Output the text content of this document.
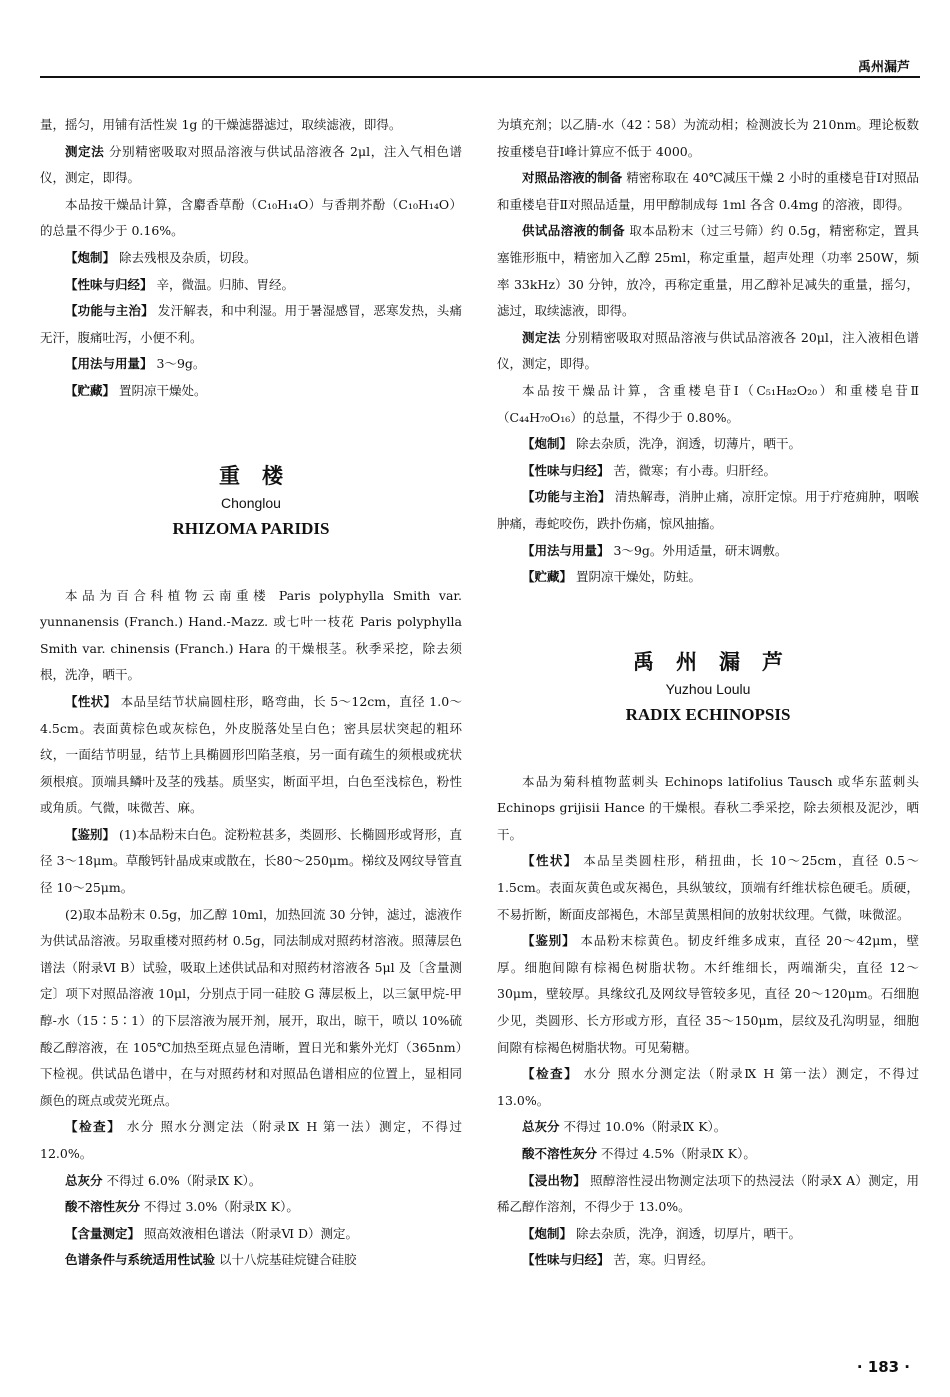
禹州漏芦

量，摇匀，用铺有活性炭 1g 的干燥滤器滤过，取续滤液，即得。

测定法 分别精密吸取对照品溶液与供试品溶液各 2μl，注入气相色谱仪，测定，即得。

本品按干燥品计算，含麝香草酚（C₁₀H₁₄O）与香荆芥酚（C₁₀H₁₄O）的总量不得少于 0.16%。

【炮制】 除去残根及杂质，切段。

【性味与归经】 辛，微温。归肺、胃经。

【功能与主治】 发汗解表，和中利湿。用于暑湿感冒，恶寒发热，头痛无汗，腹痛吐泻，小便不利。

【用法与用量】 3～9g。

【贮藏】 置阴凉干燥处。

重楼
Chonglou
RHIZOMA PARIDIS

本品为百合科植物云南重楼 Paris polyphylla Smith var. yunnanensis (Franch.) Hand.-Mazz. 或七叶一枝花 Paris polyphylla Smith var. chinensis (Franch.) Hara 的干燥根茎。秋季采挖，除去须根，洗净，晒干。

【性状】 本品呈结节状扁圆柱形，略弯曲，长 5～12cm，直径 1.0～4.5cm。表面黄棕色或灰棕色，外皮脱落处呈白色；密具层状突起的粗环纹，一面结节明显，结节上具椭圆形凹陷茎痕，另一面有疏生的须根或疣状须根痕。顶端具鳞叶及茎的残基。质坚实，断面平坦，白色至浅棕色，粉性或角质。气微，味微苦、麻。

【鉴别】 (1)本品粉末白色。淀粉粒甚多，类圆形、长椭圆形或肾形，直径 3～18μm。草酸钙针晶成束或散在，长80～250μm。梯纹及网纹导管直径 10～25μm。

(2)取本品粉末 0.5g，加乙醇 10ml，加热回流 30 分钟，滤过，滤液作为供试品溶液。另取重楼对照药材 0.5g，同法制成对照药材溶液。照薄层色谱法（附录Ⅵ B）试验，吸取上述供试品和对照药材溶液各 5μl 及〔含量测定〕项下对照品溶液 10μl，分别点于同一硅胶 G 薄层板上，以三氯甲烷-甲醇-水（15∶5∶1）的下层溶液为展开剂，展开，取出，晾干，喷以 10%硫酸乙醇溶液，在 105℃加热至斑点显色清晰，置日光和紫外光灯（365nm）下检视。供试品色谱中，在与对照药材和对照品色谱相应的位置上，显相同颜色的斑点或荧光斑点。

【检查】 水分 照水分测定法（附录Ⅸ H 第一法）测定，不得过 12.0%。

总灰分 不得过 6.0%（附录Ⅸ K）。

酸不溶性灰分 不得过 3.0%（附录Ⅸ K）。

【含量测定】 照高效液相色谱法（附录Ⅵ D）测定。

色谱条件与系统适用性试验 以十八烷基硅烷键合硅胶

为填充剂；以乙腈-水（42∶58）为流动相；检测波长为 210nm。理论板数按重楼皂苷Ⅰ峰计算应不低于 4000。

对照品溶液的制备 精密称取在 40℃减压干燥 2 小时的重楼皂苷Ⅰ对照品和重楼皂苷Ⅱ对照品适量，用甲醇制成每 1ml 各含 0.4mg 的溶液，即得。

供试品溶液的制备 取本品粉末（过三号筛）约 0.5g，精密称定，置具塞锥形瓶中，精密加入乙醇 25ml，称定重量，超声处理（功率 250W，频率 33kHz）30 分钟，放冷，再称定重量，用乙醇补足减失的重量，摇匀，滤过，取续滤液，即得。

测定法 分别精密吸取对照品溶液与供试品溶液各 20μl，注入液相色谱仪，测定，即得。

本品按干燥品计算，含重楼皂苷Ⅰ（C₅₁H₈₂O₂₀）和重楼皂苷Ⅱ（C₄₄H₇₀O₁₆）的总量，不得少于 0.80%。

【炮制】 除去杂质，洗净，润透，切薄片，晒干。

【性味与归经】 苦，微寒；有小毒。归肝经。

【功能与主治】 清热解毒，消肿止痛，凉肝定惊。用于疔疮痈肿，咽喉肿痛，毒蛇咬伤，跌扑伤痛，惊风抽搐。

【用法与用量】 3～9g。外用适量，研末调敷。

【贮藏】 置阴凉干燥处，防蛀。

禹州漏芦
Yuzhou Loulu
RADIX ECHINOPSIS

本品为菊科植物蓝刺头 Echinops latifolius Tausch 或华东蓝刺头 Echinops grijisii Hance 的干燥根。春秋二季采挖，除去须根及泥沙，晒干。

【性状】 本品呈类圆柱形，稍扭曲，长 10～25cm，直径 0.5～1.5cm。表面灰黄色或灰褐色，具纵皱纹，顶端有纤维状棕色硬毛。质硬，不易折断，断面皮部褐色，木部呈黄黑相间的放射状纹理。气微，味微涩。

【鉴别】 本品粉末棕黄色。韧皮纤维多成束，直径 20～42μm，壁厚。细胞间隙有棕褐色树脂状物。木纤维细长，两端渐尖，直径 12～30μm，壁较厚。具缘纹孔及网纹导管较多见，直径 20～120μm。石细胞少见，类圆形、长方形或方形，直径 35～150μm，层纹及孔沟明显，细胞间隙有棕褐色树脂状物。可见菊糖。

【检查】 水分 照水分测定法（附录Ⅸ H 第一法）测定，不得过 13.0%。

总灰分 不得过 10.0%（附录Ⅸ K）。

酸不溶性灰分 不得过 4.5%（附录Ⅸ K）。

【浸出物】 照醇溶性浸出物测定法项下的热浸法（附录Ⅹ A）测定，用稀乙醇作溶剂，不得少于 13.0%。

【炮制】 除去杂质，洗净，润透，切厚片，晒干。

【性味与归经】 苦，寒。归胃经。

· 183 ·
